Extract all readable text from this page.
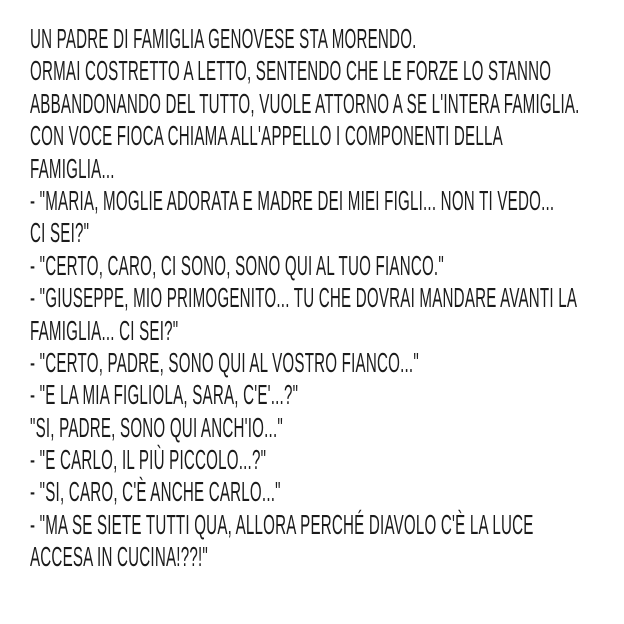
UN PADRE DI FAMIGLIA GENOVESE STA MORENDO.
ORMAI COSTRETTO A LETTO, SENTENDO CHE LE FORZE LO STANNO
ABBANDONANDO DEL TUTTO, VUOLE ATTORNO A SE L'INTERA FAMIGLIA.
CON VOCE FIOCA CHIAMA ALL'APPELLO I COMPONENTI DELLA
FAMIGLIA...
- "MARIA, MOGLIE ADORATA E MADRE DEI MIEI FIGLI... NON TI VEDO...
CI SEI?"
- "CERTO, CARO, CI SONO, SONO QUI AL TUO FIANCO."
- "GIUSEPPE, MIO PRIMOGENITO... TU CHE DOVRAI MANDARE AVANTI LA
FAMIGLIA... CI SEI?"
- "CERTO, PADRE, SONO QUI AL VOSTRO FIANCO..."
- "E LA MIA FIGLIOLA, SARA, C'E'...?"
"SI, PADRE, SONO QUI ANCH'IO..."
- "E CARLO, IL PIÙ PICCOLO...?"
- "SI, CARO, C'È ANCHE CARLO..."
- "MA SE SIETE TUTTI QUA, ALLORA PERCHÉ DIAVOLO C'È LA LUCE
ACCESA IN CUCINA!??!"
